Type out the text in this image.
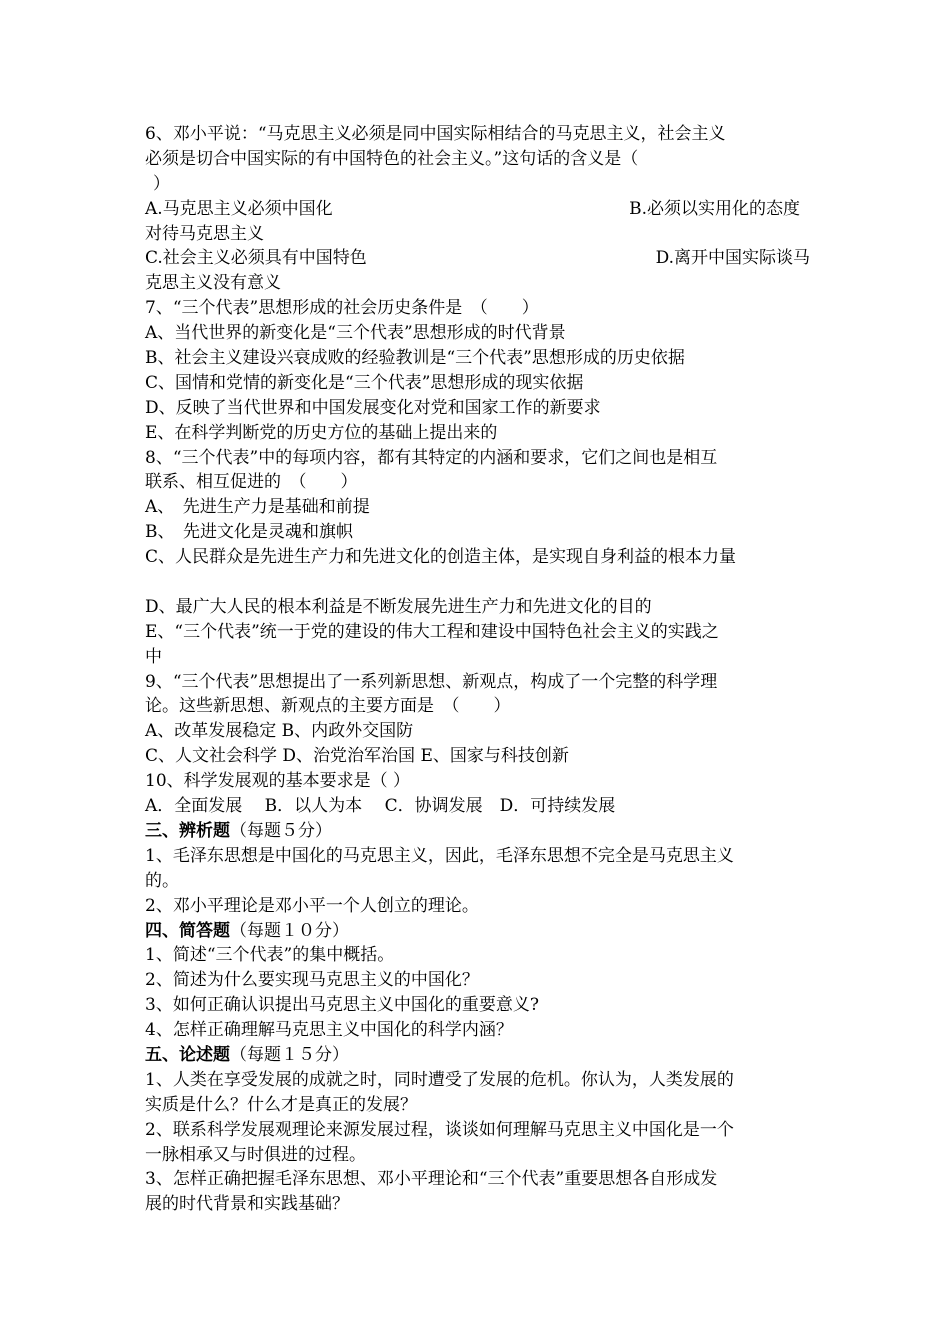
6、邓小平说：“马克思主义必须是同中国实际相结合的马克思主义，社会主义
必须是切合中国实际的有中国特色的社会主义。”这句话的含义是（
）
A.马克思主义必须中国化	B.必须以实用化的态度
对待马克思主义
C.社会主义必须具有中国特色	D.离开中国实际谈马
克思主义没有意义
7、“三个代表”思想形成的社会历史条件是　（　　）
A、当代世界的新变化是“三个代表”思想形成的时代背景
B、社会主义建设兴衰成败的经验教训是“三个代表”思想形成的历史依据
C、国情和党情的新变化是“三个代表”思想形成的现实依据
D、反映了当代世界和中国发展变化对党和国家工作的新要求
E、在科学判断党的历史方位的基础上提出来的
8、“三个代表”中的每项内容，都有其特定的内涵和要求，它们之间也是相互
联系、相互促进的　（　　）
A、　先进生产力是基础和前提
B、　先进文化是灵魂和旗帜
C、人民群众是先进生产力和先进文化的创造主体，是实现自身利益的根本力量
D、最广大人民的根本利益是不断发展先进生产力和先进文化的目的
E、“三个代表”统一于党的建设的伟大工程和建设中国特色社会主义的实践之
中
9、“三个代表”思想提出了一系列新思想、新观点，构成了一个完整的科学理
论。这些新思想、新观点的主要方面是　（　　）
A、改革发展稳定 B、内政外交国防
C、人文社会科学 D、治党治军治国 E、国家与科技创新
10、科学发展观的基本要求是（ ）
A．全面发展　 B．以人为本　 C．协调发展　D．可持续发展
三、辨析题（每题５分）
1、毛泽东思想是中国化的马克思主义，因此，毛泽东思想不完全是马克思主义
的。
2、邓小平理论是邓小平一个人创立的理论。
四、简答题（每题１０分）
1、简述“三个代表”的集中概括。
2、简述为什么要实现马克思主义的中国化？
3、如何正确认识提出马克思主义中国化的重要意义?
4、怎样正确理解马克思主义中国化的科学内涵？
五、论述题（每题１５分）
1、人类在享受发展的成就之时，同时遭受了发展的危机。你认为，人类发展的
实质是什么？什么才是真正的发展？
2、联系科学发展观理论来源发展过程，谈谈如何理解马克思主义中国化是一个
一脉相承又与时俱进的过程。
3、怎样正确把握毛泽东思想、邓小平理论和“三个代表”重要思想各自形成发
展的时代背景和实践基础？
